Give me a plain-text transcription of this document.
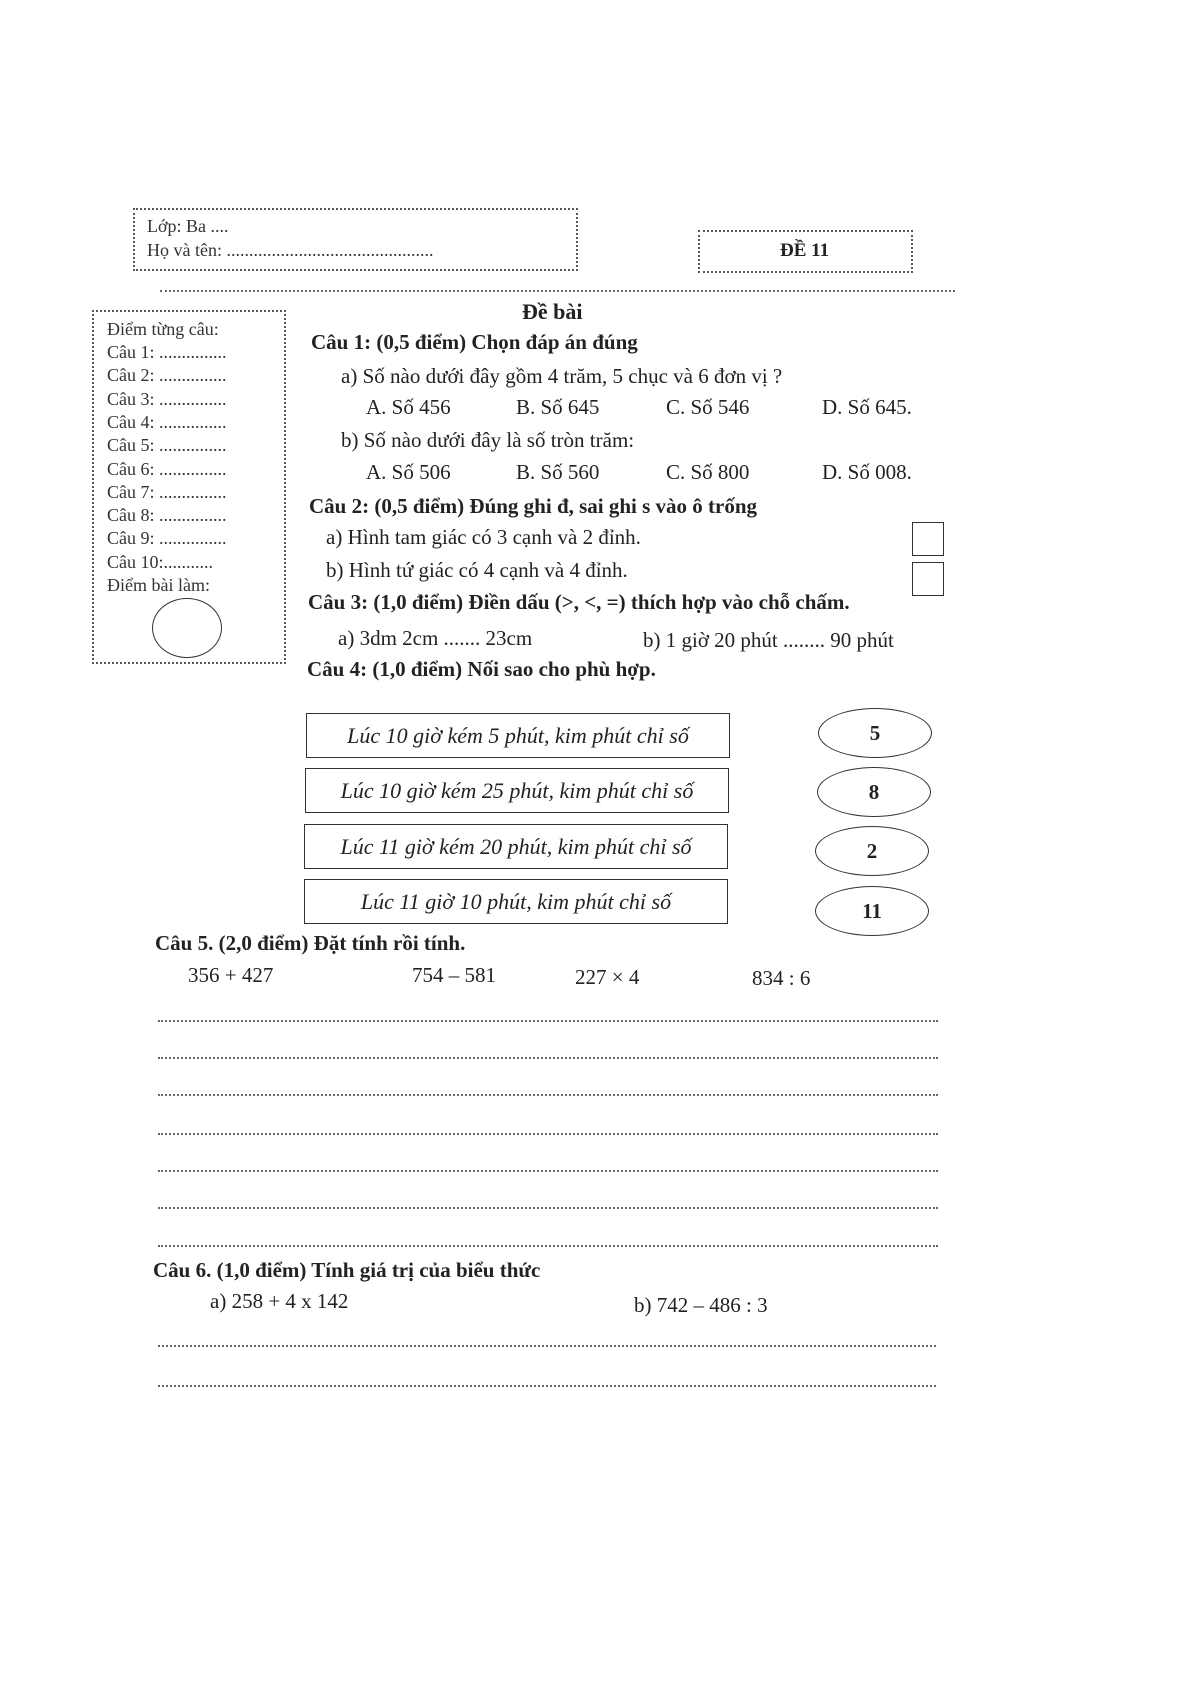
Lớp: Ba ....
Họ và tên: ..............................................	ĐỀ 11
Điểm từng câu:
Câu 1: ...............
Câu 2: ...............
Câu 3: ...............
Câu 4: ...............
Câu 5: ...............
Câu 6: ...............
Câu 7: ...............
Câu 8: ...............
Câu 9: ...............
Câu 10:...........
Điểm bài làm:
Đề bài
Câu 1: (0,5 điểm) Chọn đáp án đúng
a) Số nào dưới đây gồm 4 trăm, 5 chục và 6 đơn vị ?
A. Số 456	B. Số 645	C. Số 546	D. Số 645.
b) Số nào dưới đây là số tròn trăm:
A. Số 506	B. Số 560	C. Số 800	D. Số 008.
Câu 2: (0,5 điểm) Đúng ghi đ, sai ghi s vào ô trống
a) Hình tam giác có 3 cạnh và 2 đỉnh.
b) Hình tứ giác có 4 cạnh và 4 đỉnh.
Câu 3: (1,0 điểm) Điền dấu (>, <, =) thích hợp vào chỗ chấm.
a) 3dm 2cm ....... 23cm	b) 1 giờ 20 phút ........ 90 phút
Câu 4: (1,0 điểm) Nối sao cho phù hợp.
Lúc 10 giờ kém 5 phút, kim phút chỉ số
Lúc 10 giờ kém 25 phút, kim phút chỉ số
Lúc 11 giờ kém 20 phút, kim phút chỉ số
Lúc 11 giờ 10 phút, kim phút chỉ số
5
8
2
11
Câu 5. (2,0 điểm) Đặt tính rồi tính.
356 + 427	754 – 581	227 × 4	834 : 6
Câu 6. (1,0 điểm) Tính giá trị của biểu thức
a) 258 + 4 x 142	b) 742 – 486 : 3
